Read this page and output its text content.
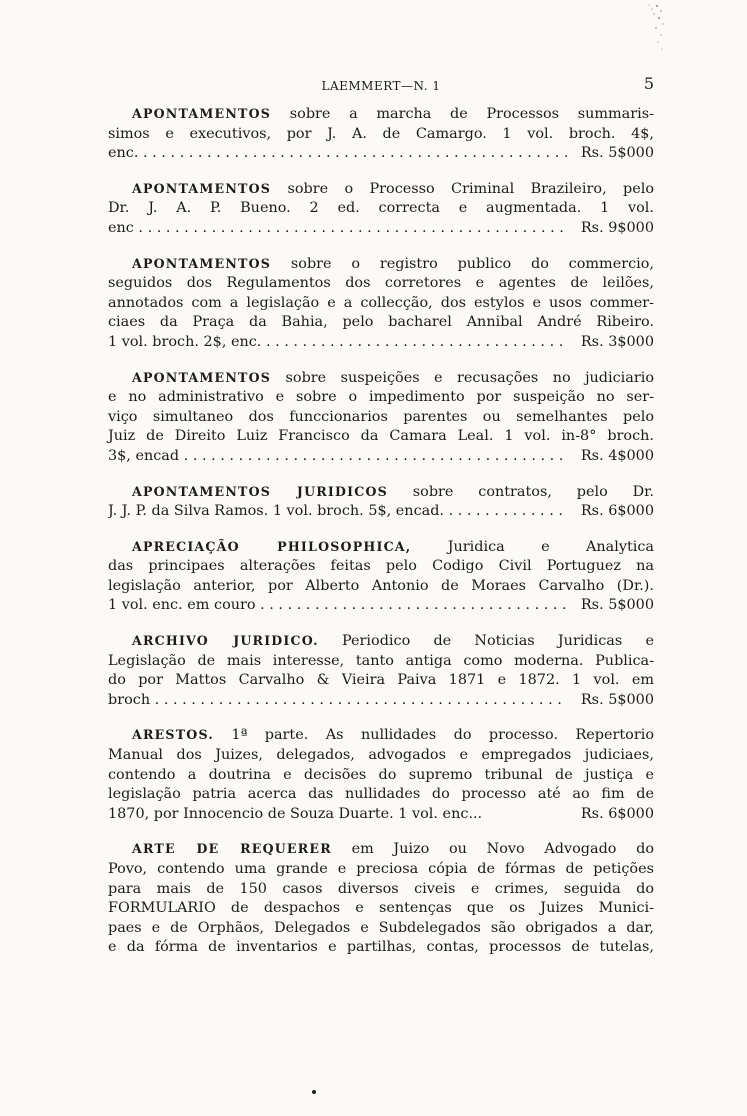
LAEMMERT—N. 1	5
APONTAMENTOS sobre a marcha de Processos summaris-
simos e executivos, por J. A. de Camargo. 1 vol. broch. 4$,
enc. . . .	Rs. 5$000
APONTAMENTOS sobre o Processo Criminal Brazileiro, pelo
Dr. J. A. P. Bueno. 2 ed. correcta e augmentada. 1 vol.
enc . . .	Rs. 9$000
APONTAMENTOS sobre o registro publico do commercio,
seguidos dos Regulamentos dos corretores e agentes de leilões,
annotados com a legislação e a collecção, dos estylos e usos commer-
ciaes da Praça da Bahia, pelo bacharel Annibal André Ribeiro.
1 vol. broch. 2$, enc. . . .	Rs. 3$000
APONTAMENTOS sobre suspeições e recusações no judiciario
e no administrativo e sobre o impedimento por suspeição no ser-
viço simultaneo dos funccionarios parentes ou semelhantes pelo
Juiz de Direito Luiz Francisco da Camara Leal. 1 vol. in-8° broch.
3$, encad . . .	Rs. 4$000
APONTAMENTOS JURIDICOS sobre contratos, pelo Dr.
J. J. P. da Silva Ramos. 1 vol. broch. 5$, encad. . . .	Rs. 6$000
APRECIAÇÃO PHILOSOPHICA,	Juridica e Analytica
das principaes alterações feitas pelo Codigo Civil Portuguez na
legislação anterior, por Alberto Antonio de Moraes Carvalho (Dr.).
1 vol. enc. em couro . . .	Rs. 5$000
ARCHIVO JURIDICO. Periodico de Noticias Juridicas e
Legislação de mais interesse, tanto antiga como moderna. Publica-
do por Mattos Carvalho & Vieira Paiva 1871 e 1872. 1 vol. em
broch . . .	Rs. 5$000
ARESTOS. 1ª parte. As nullidades do processo. Repertorio
Manual dos Juizes, delegados, advogados e empregados judiciaes,
contendo a doutrina e decisões do supremo tribunal de justiça e
legislação patria acerca das nullidades do processo até ao fim de
1870, por Innocencio de Souza Duarte. 1 vol. enc...	Rs. 6$000
ARTE DE REQUERER em Juizo ou Novo Advogado do
Povo, contendo uma grande e preciosa cópia de fórmas de petições
para mais de 150 casos diversos civeis e crimes, seguida do
FORMULARIO de despachos e sentenças que os Juizes Munici-
paes e de Orphãos, Delegados e Subdelegados são obrigados a dar,
e da fórma de inventarios e partilhas, contas, processos de tutelas,
